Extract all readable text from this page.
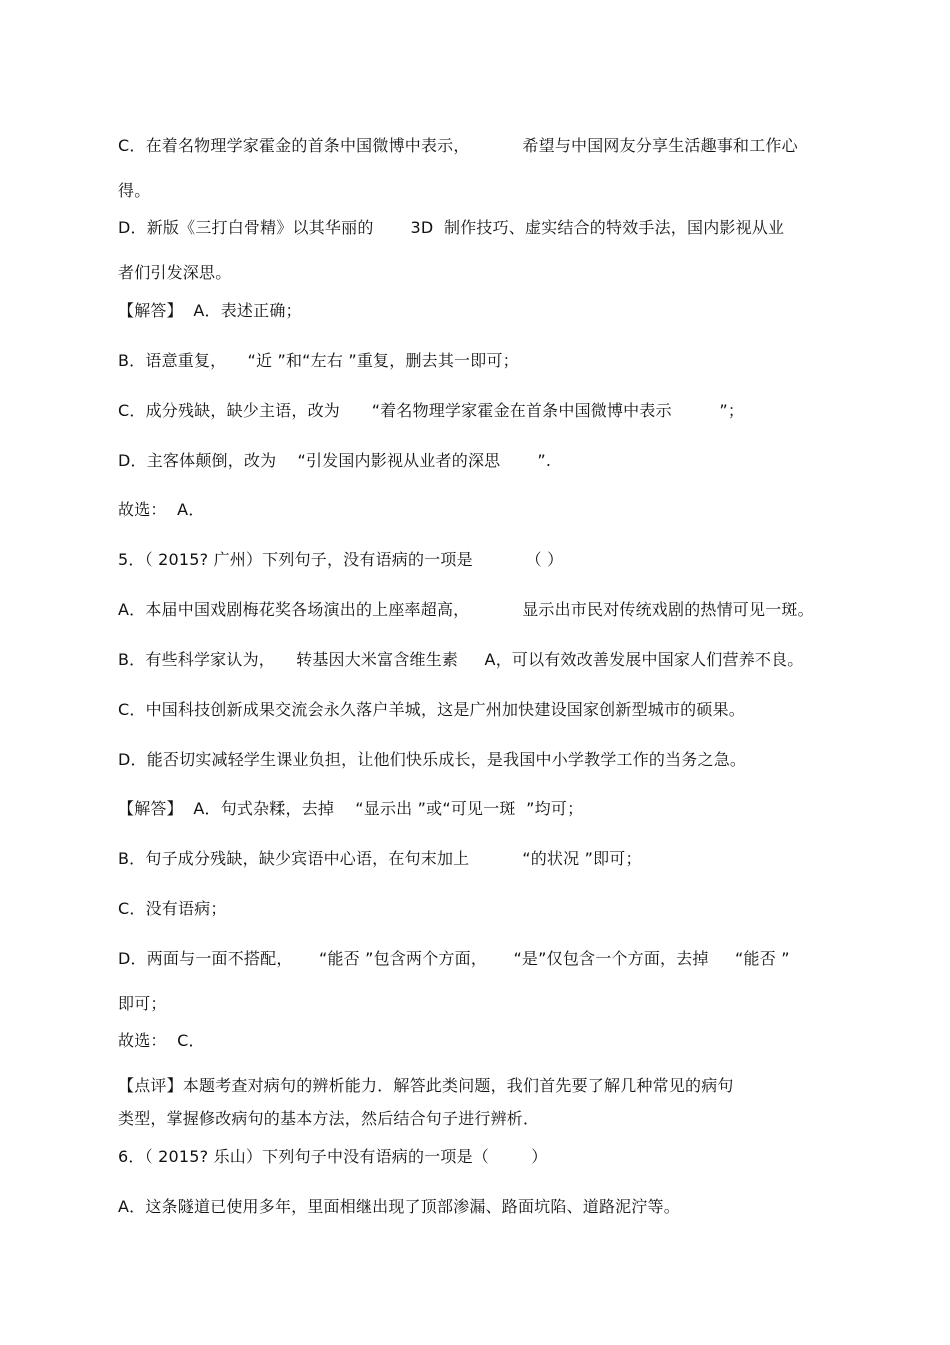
C．在着名物理学家霍金的首条中国微博中表示，          希望与中国网友分享生活趣事和工作心
得。
D．新版《三打白骨精》以其华丽的       3D  制作技巧、虚实结合的特效手法，国内影视从业
者们引发深思。
【解答】  A．表述正确；
B．语意重复，    “近 ”和“左右 ”重复，删去其一即可；
C．成分残缺，缺少主语，改为      “着名物理学家霍金在首条中国微博中表示         ”；
D．主客体颠倒，改为    “引发国内影视从业者的深思       ”.
故选：  A．
5．（ 2015? 广州）下列句子，没有语病的一项是          （ ）
A．本届中国戏剧梅花奖各场演出的上座率超高，          显示出市民对传统戏剧的热情可见一斑。
B．有些科学家认为，    转基因大米富含维生素     A，可以有效改善发展中国家人们营养不良。
C．中国科技创新成果交流会永久落户羊城，这是广州加快建设国家创新型城市的硕果。
D．能否切实减轻学生课业负担，让他们快乐成长，是我国中小学教学工作的当务之急。
【解答】  A．句式杂糅，去掉    “显示出 ”或“可见一斑  ”均可；
B．句子成分残缺，缺少宾语中心语，在句末加上          “的状况 ”即可；
C．没有语病；
D．两面与一面不搭配，     “能否 ”包含两个方面，     “是”仅包含一个方面，去掉     “能否 ”
即可；
故选：  C．
【点评】本题考查对病句的辨析能力．解答此类问题，我们首先要了解几种常见的病句
类型，掌握修改病句的基本方法，然后结合句子进行辨析．
6．（ 2015? 乐山）下列句子中没有语病的一项是（        ）
A．这条隧道已使用多年，里面相继出现了顶部渗漏、路面坑陷、道路泥泞等。
